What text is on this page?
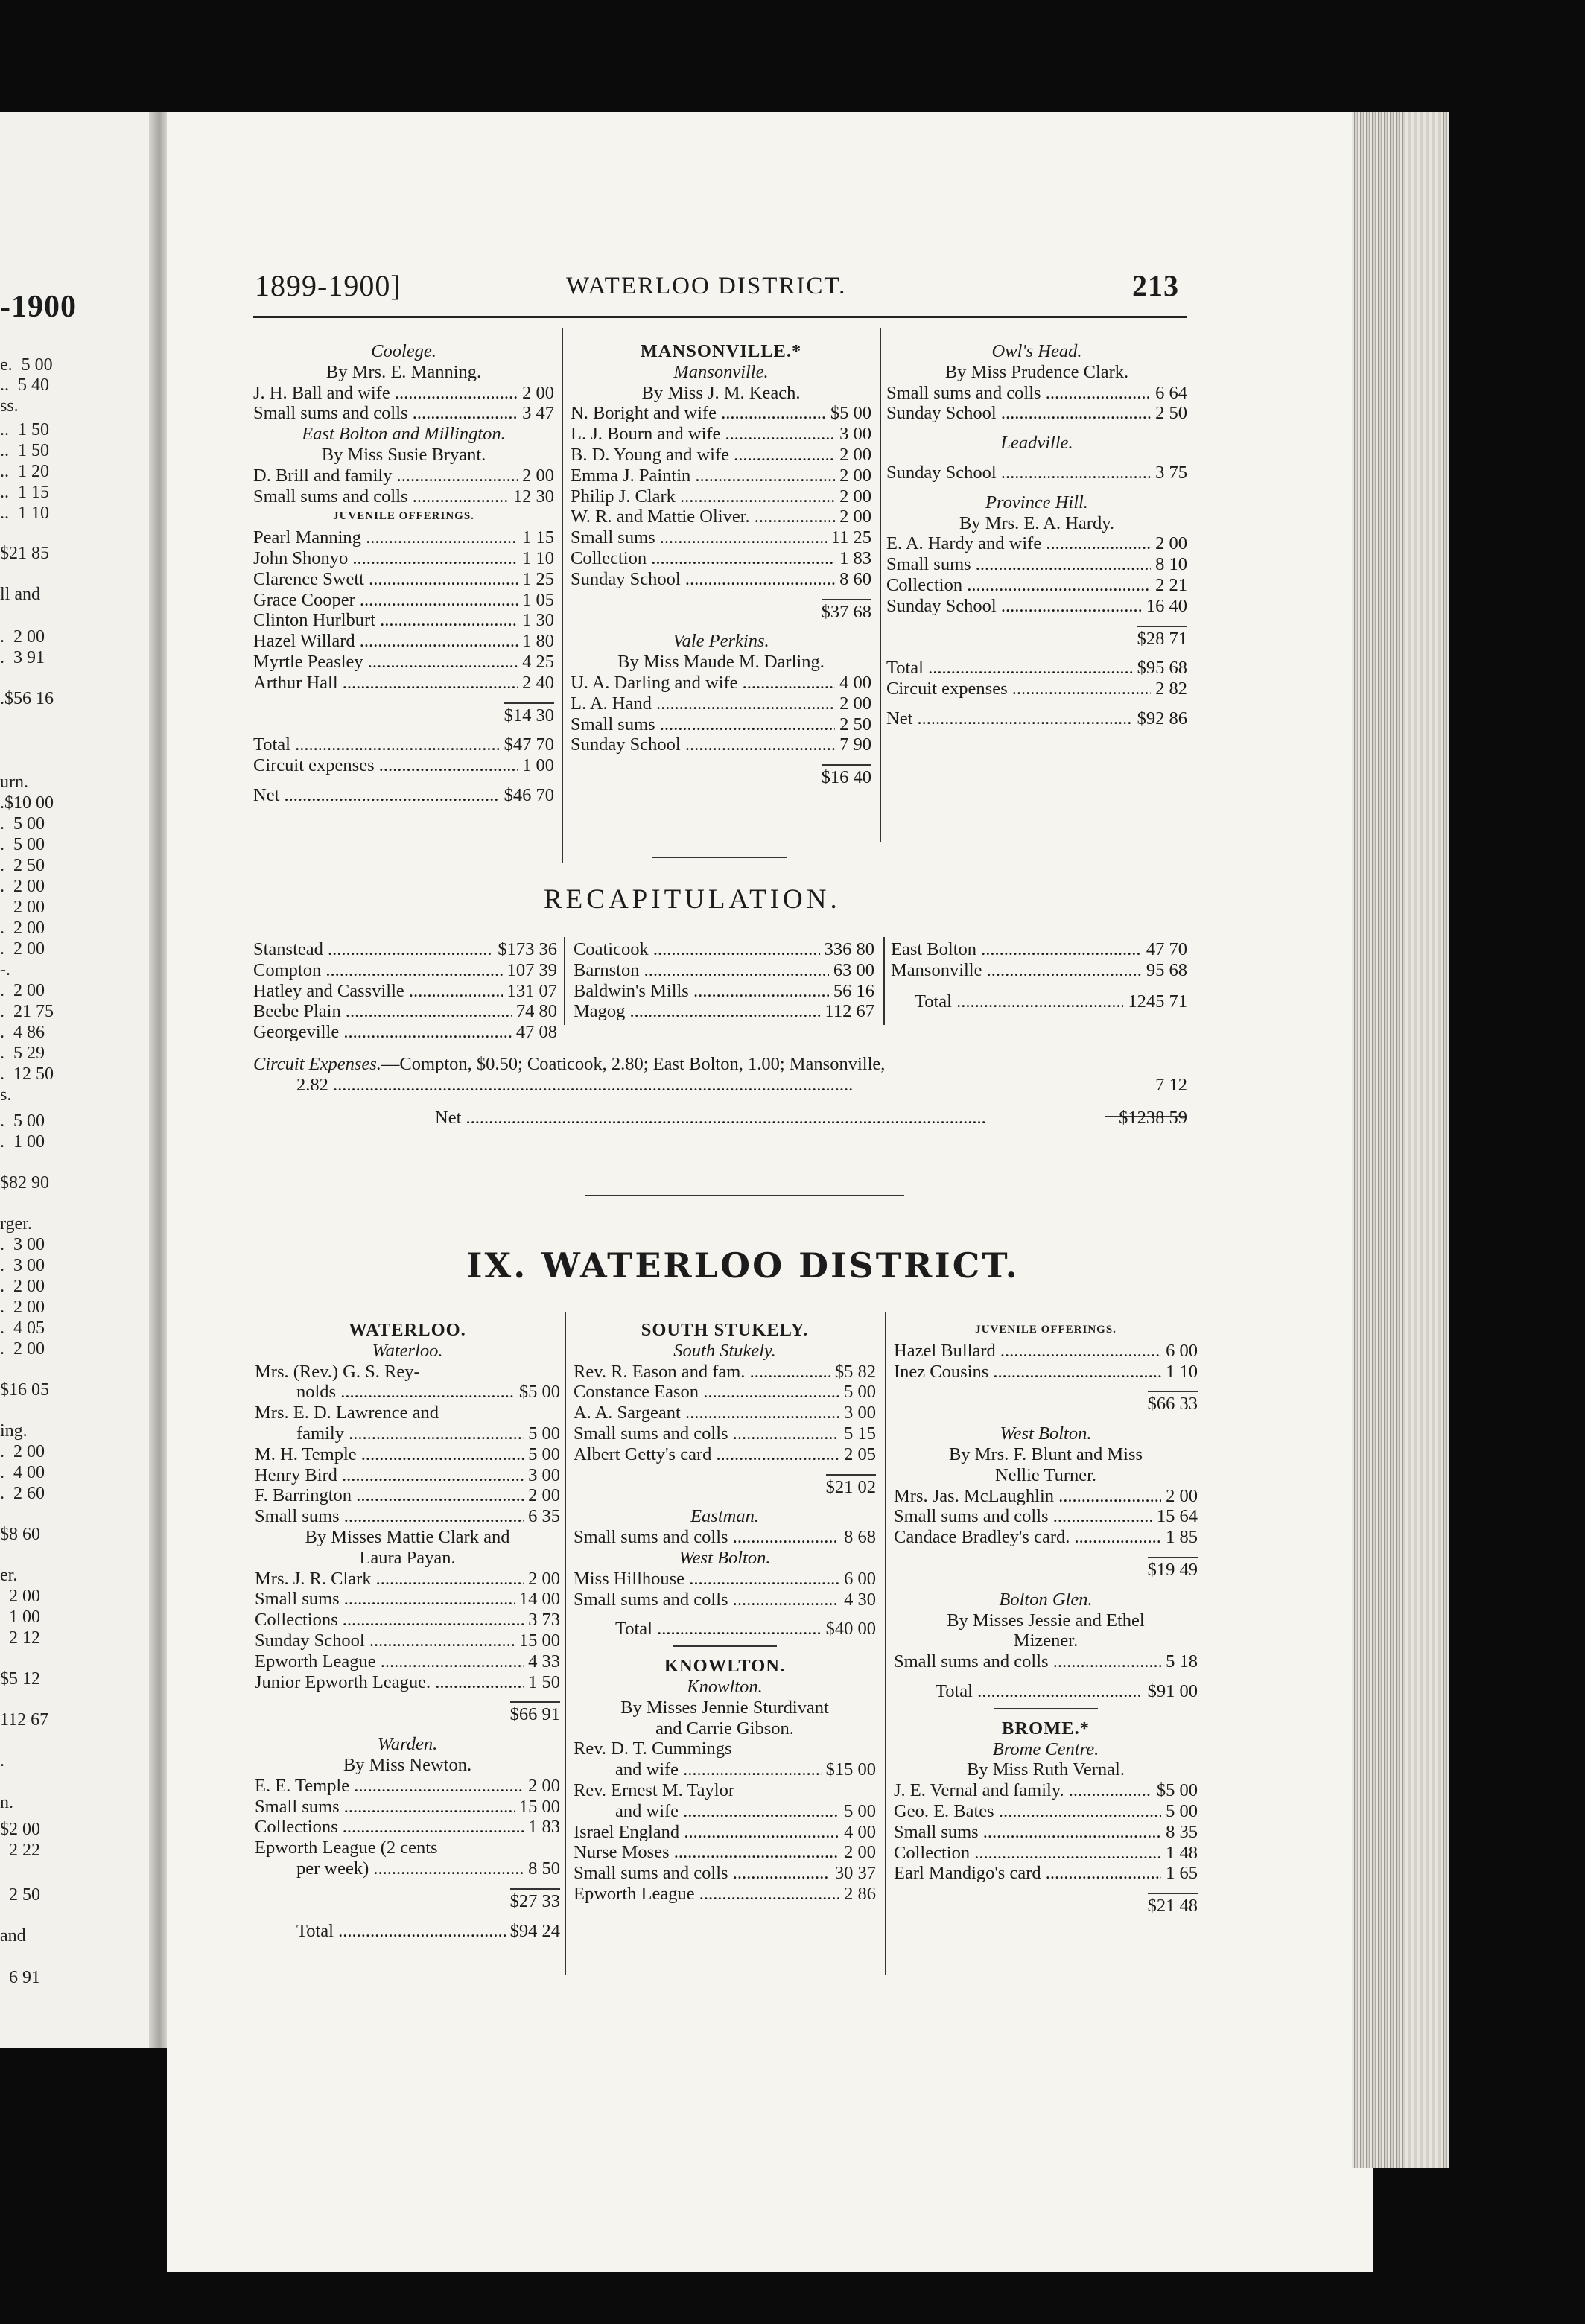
-1900
e.  5 00
..  5 40
ss.
..  1 50
..  1 50
..  1 20
..  1 15
..  1 10
$21 85
ll and
.  2 00
.  3 91
.$56 16
urn.
.$10 00
.  5 00
.  5 00
.  2 50
.  2 00
2 00
.  2 00
.  2 00
-.
.  2 00
.  21 75
.  4 86
.  5 29
.  12 50
s.
.  5 00
.  1 00
$82 90
rger.
.  3 00
.  3 00
.  2 00
.  2 00
.  4 05
.  2 00
$16 05
ing.
.  2 00
.  4 00
.  2 60
$8 60
er.
2 00
1 00
2 12
$5 12
112 67
.
n.
$2 00
2 22
2 50
and
6 91
1899-1900]	WATERLOO DISTRICT.	213
Coolege.
By Mrs. E. Manning.
J. H. Ball and wife .....	2 00
Small sums and colls .....	3 47
East Bolton and Millington.
By Miss Susie Bryant.
D. Brill and family .....	2 00
Small sums and colls .....	12 30
JUVENILE OFFERINGS.
Pearl Manning .....	1 15
John Shonyo .....	1 10
Clarence Swett .....	1 25
Grace Cooper .....	1 05
Clinton Hurlburt .....	1 30
Hazel Willard .....	1 80
Myrtle Peasley .....	4 25
Arthur Hall .....	2 40
$14 30
Total .....	$47 70
Circuit expenses .....	1 00
Net .....	$46 70
MANSONVILLE.*
Mansonville.
By Miss J. M. Keach.
N. Boright and wife .....	$5 00
L. J. Bourn and wife .....	3 00
B. D. Young and wife .....	2 00
Emma J. Paintin .....	2 00
Philip J. Clark .....	2 00
W. R. and Mattie Oliver. .....	2 00
Small sums .....	11 25
Collection .....	1 83
Sunday School .....	8 60
$37 68
Vale Perkins.
By Miss Maude M. Darling.
U. A. Darling and wife .....	4 00
L. A. Hand .....	2 00
Small sums .....	2 50
Sunday School .....	7 90
$16 40
Owl's Head.
By Miss Prudence Clark.
Small sums and colls .....	6 64
Sunday School .....	2 50
Leadville.
Sunday School .....	3 75
Province Hill.
By Mrs. E. A. Hardy.
E. A. Hardy and wife .....	2 00
Small sums .....	8 10
Collection .....	2 21
Sunday School .....	16 40
$28 71
Total .....	$95 68
Circuit expenses .....	2 82
Net .....	$92 86
RECAPITULATION.
Stanstead .....	$173 36
Compton .....	107 39
Hatley and Cassville .....	131 07
Beebe Plain .....	74 80
Georgeville .....	47 08
Coaticook .....	336 80
Barnston .....	63 00
Baldwin's Mills .....	56 16
Magog .....	112 67
East Bolton .....	47 70
Mansonville .....	95 68
Total .....	1245 71
Circuit Expenses.—Compton, $0.50; Coaticook, 2.80; East Bolton, 1.00; Mansonville,
2.82 .....	7 12
Net .....	$1238 59
IX. WATERLOO DISTRICT.
WATERLOO.
Waterloo.
Mrs. (Rev.) G. S. Rey-
nolds .....	$5 00
Mrs. E. D. Lawrence and
family .....	5 00
M. H. Temple .....	5 00
Henry Bird .....	3 00
F. Barrington .....	2 00
Small sums .....	6 35
By Misses Mattie Clark and
Laura Payan.
Mrs. J. R. Clark .....	2 00
Small sums .....	14 00
Collections .....	3 73
Sunday School .....	15 00
Epworth League .....	4 33
Junior Epworth League. .....	1 50
$66 91
Warden.
By Miss Newton.
E. E. Temple .....	2 00
Small sums .....	15 00
Collections .....	1 83
Epworth League (2 cents
per week) .....	8 50
$27 33
Total .....	$94 24
SOUTH STUKELY.
South Stukely.
Rev. R. Eason and fam. .....	$5 82
Constance Eason .....	5 00
A. A. Sargeant .....	3 00
Small sums and colls .....	5 15
Albert Getty's card .....	2 05
$21 02
Eastman.
Small sums and colls .....	8 68
West Bolton.
Miss Hillhouse .....	6 00
Small sums and colls .....	4 30
Total .....	$40 00
KNOWLTON.
Knowlton.
By Misses Jennie Sturdivant
and Carrie Gibson.
Rev. D. T. Cummings
and wife .....	$15 00
Rev. Ernest M. Taylor
and wife .....	5 00
Israel England .....	4 00
Nurse Moses .....	2 00
Small sums and colls .....	30 37
Epworth League .....	2 86
JUVENILE OFFERINGS.
Hazel Bullard .....	6 00
Inez Cousins .....	1 10
$66 33
West Bolton.
By Mrs. F. Blunt and Miss
Nellie Turner.
Mrs. Jas. McLaughlin .....	2 00
Small sums and colls .....	15 64
Candace Bradley's card. .....	1 85
$19 49
Bolton Glen.
By Misses Jessie and Ethel
Mizener.
Small sums and colls .....	5 18
Total .....	$91 00
BROME.*
Brome Centre.
By Miss Ruth Vernal.
J. E. Vernal and family. .....	$5 00
Geo. E. Bates .....	5 00
Small sums .....	8 35
Collection .....	1 48
Earl Mandigo's card .....	1 65
$21 48
